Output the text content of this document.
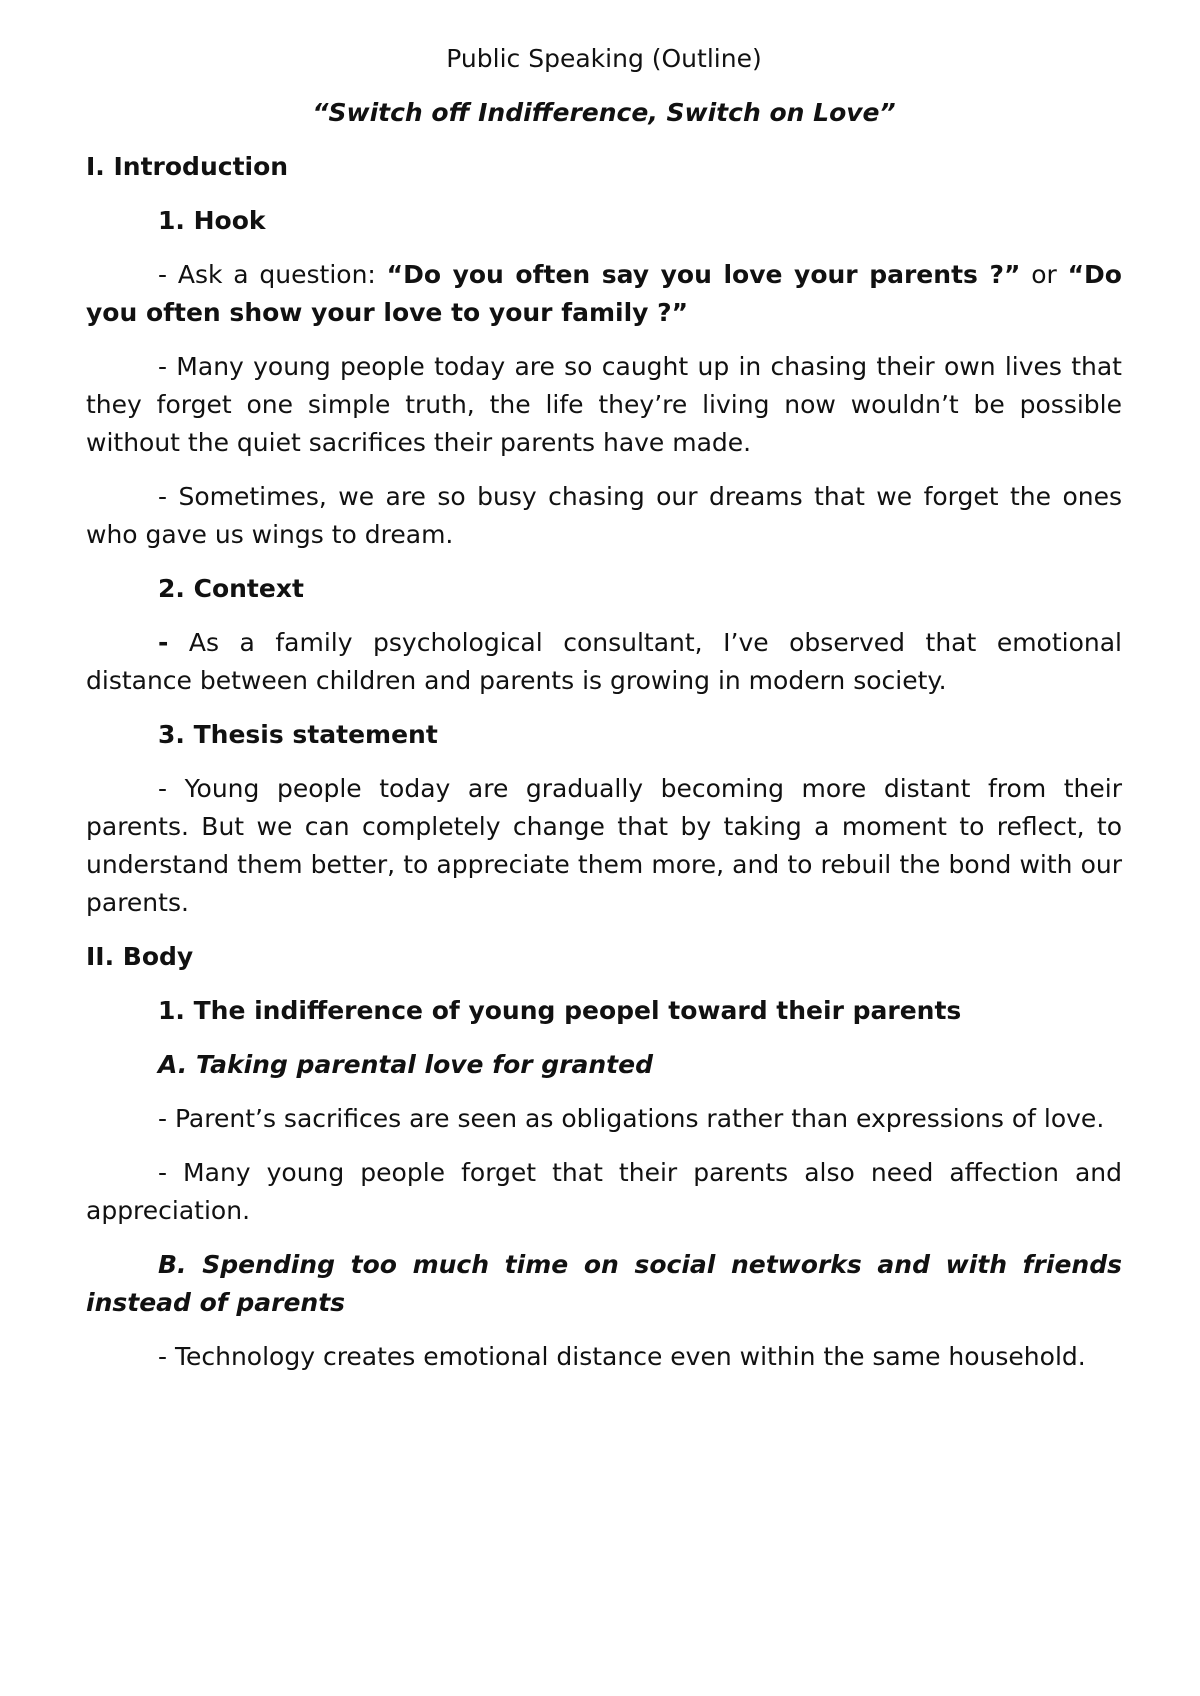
Public Speaking (Outline)
“Switch off Indifference, Switch on Love”
I. Introduction
1. Hook
- Ask a question: “Do you often say you love your parents ?” or “Do you often show your love to your family ?”
- Many young people today are so caught up in chasing their own lives that they forget one simple truth, the life they’re living now wouldn’t be possible without the quiet sacrifices their parents have made.
- Sometimes, we are so busy chasing our dreams that we forget the ones who gave us wings to dream.
2. Context
- As a family psychological consultant, I’ve observed that emotional distance between children and parents is growing in modern society.
3. Thesis statement
- Young people today are gradually becoming more distant from their parents. But we can completely change that by taking a moment to reflect, to understand them better, to appreciate them more, and to rebuil the bond with our parents.
II. Body
1. The indifference of young peopel toward their parents
A. Taking parental love for granted
- Parent’s sacrifices are seen as obligations rather than expressions of love.
- Many young people forget that their parents also need affection and appreciation.
B. Spending too much time on social networks and with friends instead of parents
- Technology creates emotional distance even within the same household.
